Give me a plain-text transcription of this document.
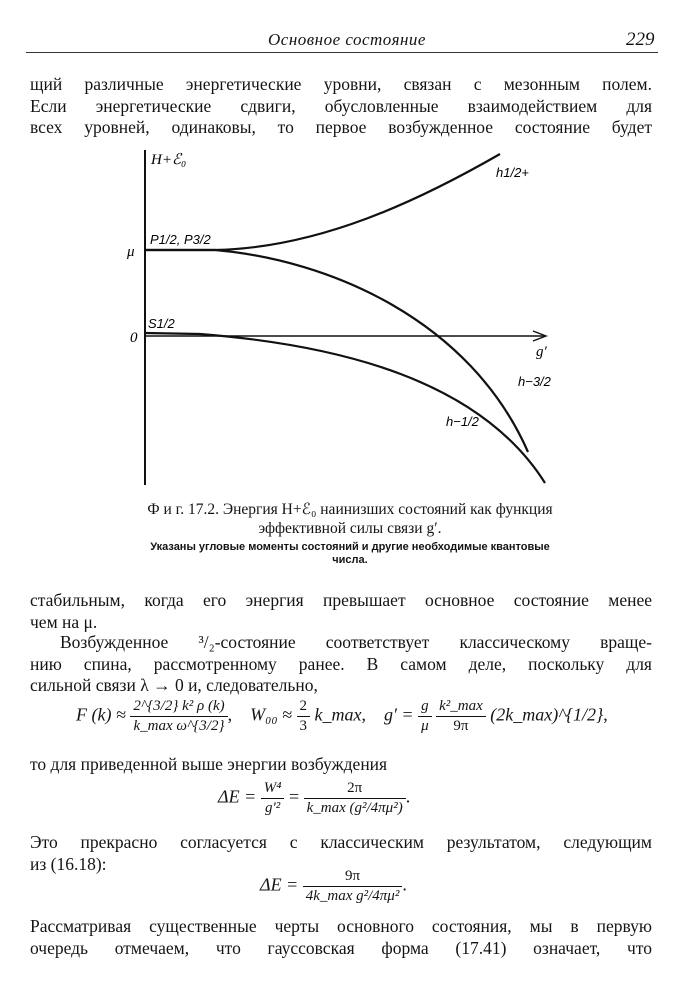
Основное состояние	229
щий различные энергетические уровни, связан с мезонным полем.
Если энергетические сдвиги, обусловленные взаимодействием для
всех уровней, одинаковы, то первое возбужденное состояние будет
H+ℰ₀
μ
0
P1/2, P3/2
S1/2
g′
h1/2+
h−3/2
h−1/2
Ф и г. 17.2. Энергия H+ℰ₀ наинизших состояний как функция
эффективной силы связи g′.
Указаны угловые моменты состояний и другие необходимые квантовые
числа.
стабильным, когда его энергия превышает основное состояние менее
чем на μ.
Возбужденное ³/₂-состояние соответствует классическому враще-
нию спина, рассмотренному ранее. В самом деле, поскольку для
сильной связи λ → 0 и, следовательно,
F $(k) \approx \frac{\text{2\textasciicircum{}\{3/2\} k² ρ (k)}}{\text{k\_max ω\textasciicircum{}\{3/2\}}}$ ,    $W_{00} \approx \frac{2}{3}$ k_max,    $g' = \frac{g}{\mu}$
$\frac{\text{k²\_max}}{9\pi}$ (2k_max)^{1/2},
то для приведенной выше энергии возбуждения
$\Delta E = \frac{\text{W⁴}}{\text{g′²}} = \frac{2\pi}{\text{k\_max (g²/4πμ²)}}$ .
Это прекрасно согласуется с классическим результатом, следующим
из (16.18):
$\Delta E = \frac{9\pi}{\text{4k\_max g²/4πμ²}}$ .
Рассматривая существенные черты основного состояния, мы в первую
очередь отмечаем, что гауссовская форма (17.41) означает, что
